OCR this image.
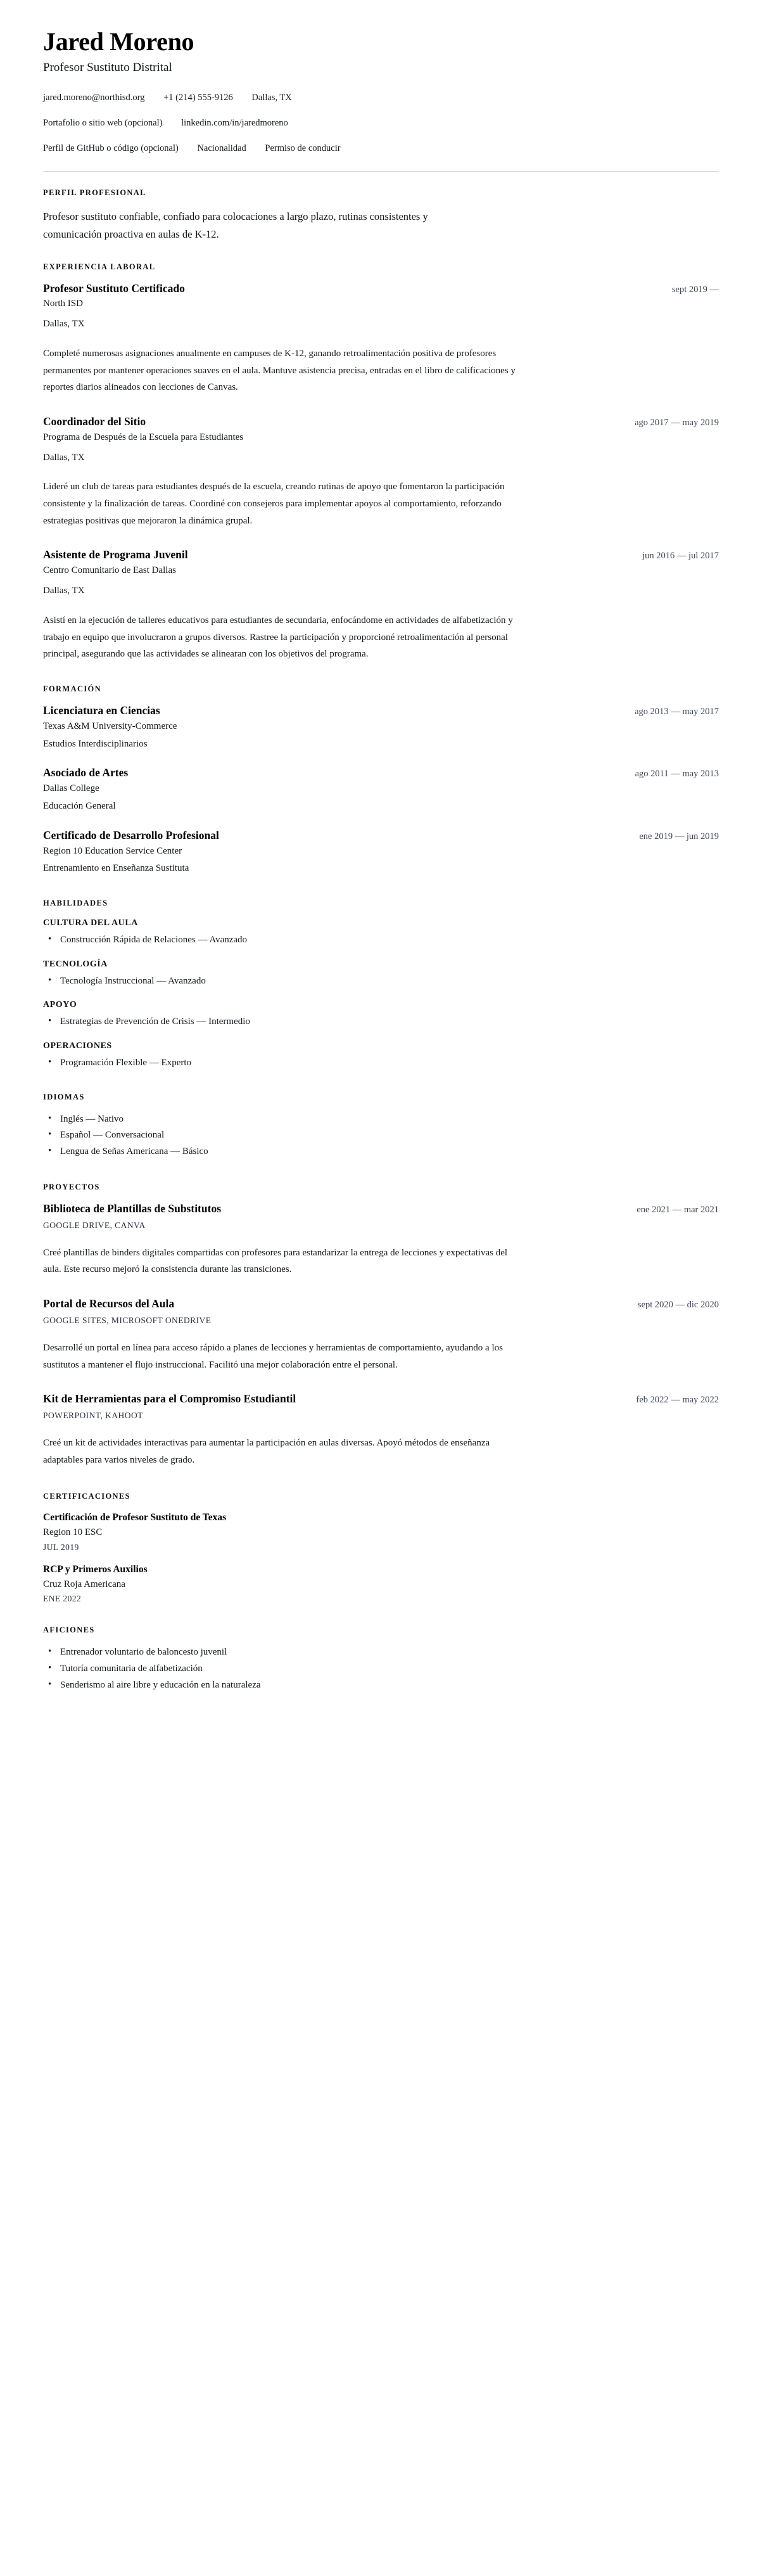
Jared Moreno
Profesor Sustituto Distrital
jared.moreno@northisd.org +1 (214) 555-9126 Dallas, TX
Portafolio o sitio web (opcional) linkedin.com/in/jaredmoreno
Perfil de GitHub o código (opcional) Nacionalidad Permiso de conducir
PERFIL PROFESIONAL

Profesor sustituto confiable, confiado para colocaciones a largo plazo, rutinas consistentes y comunicación proactiva en aulas de K-12.

EXPERIENCIA LABORAL
Profesor Sustituto Certificado	sept 2019 —
North ISD
Dallas, TX

Completé numerosas asignaciones anualmente en campuses de K-12, ganando retroalimentación positiva de profesores permanentes por mantener operaciones suaves en el aula. Mantuve asistencia precisa, entradas en el libro de calificaciones y reportes diarios alineados con lecciones de Canvas.

Coordinador del Sitio	ago 2017 — may 2019
Programa de Después de la Escuela para Estudiantes
Dallas, TX

Lideré un club de tareas para estudiantes después de la escuela, creando rutinas de apoyo que fomentaron la participación consistente y la finalización de tareas. Coordiné con consejeros para implementar apoyos al comportamiento, reforzando estrategias positivas que mejoraron la dinámica grupal.

Asistente de Programa Juvenil	jun 2016 — jul 2017
Centro Comunitario de East Dallas
Dallas, TX

Asistí en la ejecución de talleres educativos para estudiantes de secundaria, enfocándome en actividades de alfabetización y trabajo en equipo que involucraron a grupos diversos. Rastree la participación y proporcioné retroalimentación al personal principal, asegurando que las actividades se alinearan con los objetivos del programa.

FORMACIÓN
Licenciatura en Ciencias	ago 2013 — may 2017
Texas A&M University-Commerce
Estudios Interdisciplinarios
Asociado de Artes	ago 2011 — may 2013
Dallas College
Educación General
Certificado de Desarrollo Profesional	ene 2019 — jun 2019
Region 10 Education Service Center
Entrenamiento en Enseñanza Sustituta
HABILIDADES
CULTURA DEL AULA
• Construcción Rápida de Relaciones — Avanzado
TECNOLOGÍA
• Tecnología Instruccional — Avanzado
APOYO
• Estrategias de Prevención de Crisis — Intermedio
OPERACIONES
• Programación Flexible — Experto
IDIOMAS
• Inglés — Nativo
• Español — Conversacional
• Lengua de Señas Americana — Básico
PROYECTOS
Biblioteca de Plantillas de Substitutos	ene 2021 — mar 2021
GOOGLE DRIVE, CANVA

Creé plantillas de binders digitales compartidas con profesores para estandarizar la entrega de lecciones y expectativas del aula. Este recurso mejoró la consistencia durante las transiciones.

Portal de Recursos del Aula	sept 2020 — dic 2020
GOOGLE SITES, MICROSOFT ONEDRIVE

Desarrollé un portal en línea para acceso rápido a planes de lecciones y herramientas de comportamiento, ayudando a los sustitutos a mantener el flujo instruccional. Facilitó una mejor colaboración entre el personal.

Kit de Herramientas para el Compromiso Estudiantil	feb 2022 — may 2022
POWERPOINT, KAHOOT

Creé un kit de actividades interactivas para aumentar la participación en aulas diversas. Apoyó métodos de enseñanza adaptables para varios niveles de grado.

CERTIFICACIONES
Certificación de Profesor Sustituto de Texas
Region 10 ESC
JUL 2019
RCP y Primeros Auxilios
Cruz Roja Americana
ENE 2022
AFICIONES
• Entrenador voluntario de baloncesto juvenil
• Tutoría comunitaria de alfabetización
• Senderismo al aire libre y educación en la naturaleza
